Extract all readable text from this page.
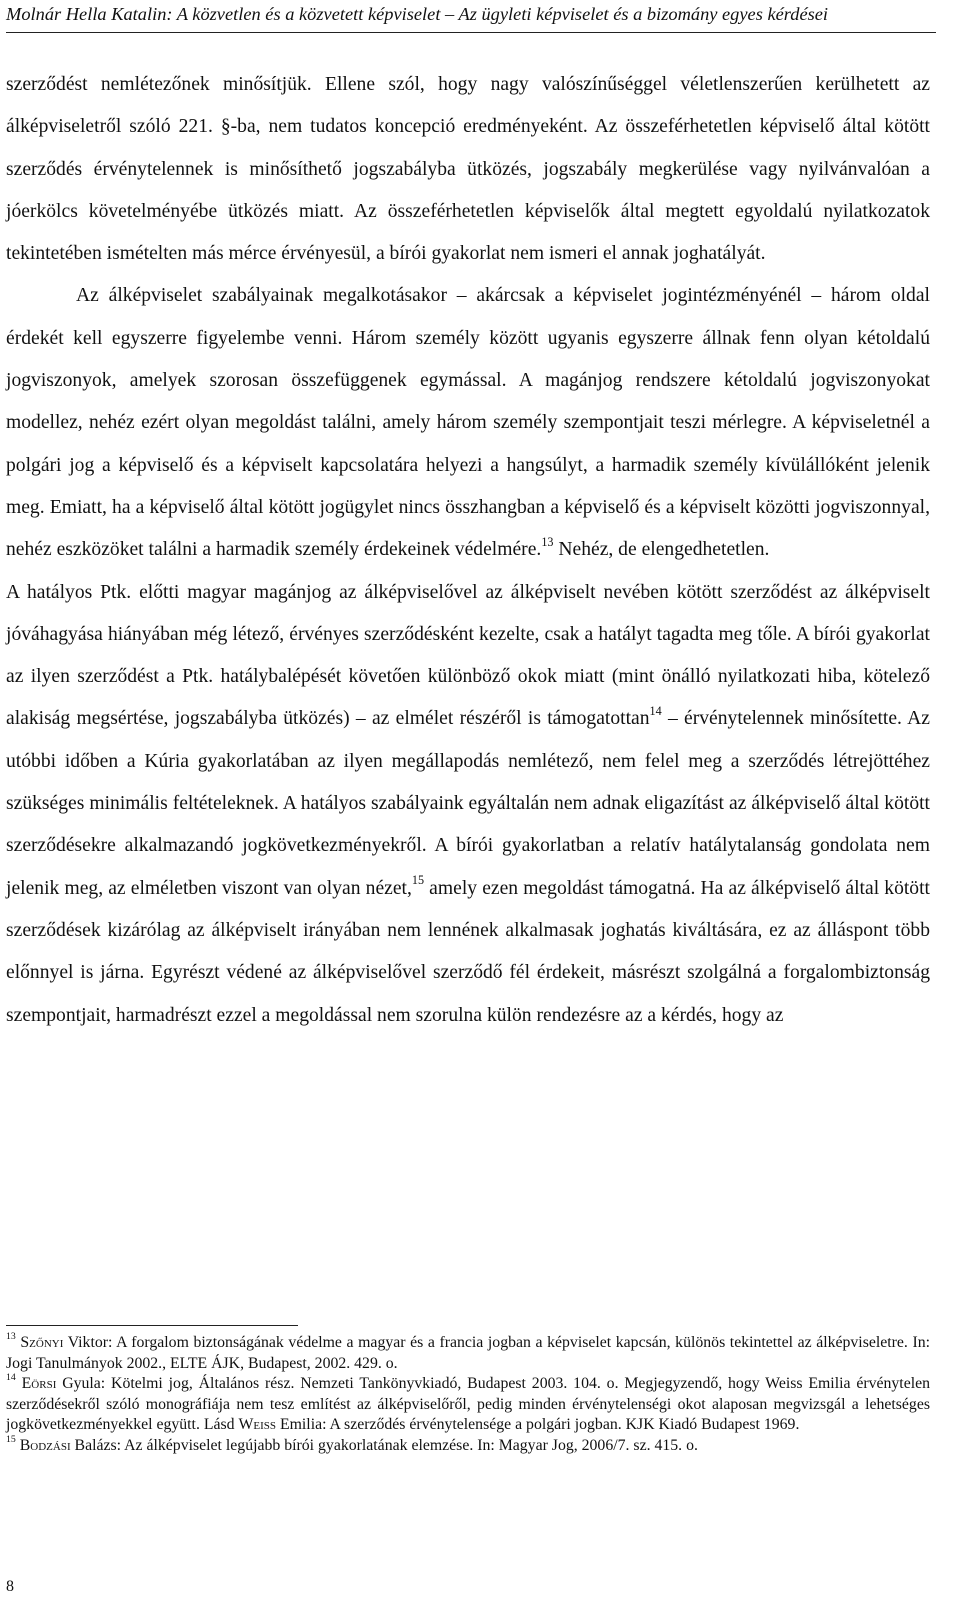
Molnár Hella Katalin: A közvetlen és a közvetett képviselet – Az ügyleti képviselet és a bizomány egyes kérdései

szerződést nemlétezőnek minősítjük. Ellene szól, hogy nagy valószínűséggel véletlenszerűen kerülhetett az álképviseletről szóló 221. §-ba, nem tudatos koncepció eredményeként. Az összeférhetetlen képviselő által kötött szerződés érvénytelennek is minősíthető jogszabályba ütközés, jogszabály megkerülése vagy nyilvánvalóan a jóerkölcs követelményébe ütközés miatt. Az összeférhetetlen képviselők által megtett egyoldalú nyilatkozatok tekintetében ismételten más mérce érvényesül, a bírói gyakorlat nem ismeri el annak joghatályát.

Az álképviselet szabályainak megalkotásakor – akárcsak a képviselet jogintézményénél – három oldal érdekét kell egyszerre figyelembe venni. Három személy között ugyanis egyszerre állnak fenn olyan kétoldalú jogviszonyok, amelyek szorosan összefüggenek egymással. A magánjog rendszere kétoldalú jogviszonyokat modellez, nehéz ezért olyan megoldást találni, amely három személy szempontjait teszi mérlegre. A képviseletnél a polgári jog a képviselő és a képviselt kapcsolatára helyezi a hangsúlyt, a harmadik személy kívülállóként jelenik meg. Emiatt, ha a képviselő által kötött jogügylet nincs összhangban a képviselő és a képviselt közötti jogviszonnyal, nehéz eszközöket találni a harmadik személy érdekeinek védelmére.$^{13}$ Nehéz, de elengedhetetlen.

A hatályos Ptk. előtti magyar magánjog az álképviselővel az álképviselt nevében kötött szerződést az álképviselt jóváhagyása hiányában még létező, érvényes szerződésként kezelte, csak a hatályt tagadta meg tőle. A bírói gyakorlat az ilyen szerződést a Ptk. hatálybalépését követően különböző okok miatt (mint önálló nyilatkozati hiba, kötelező alakiság megsértése, jogszabályba ütközés) – az elmélet részéről is támogatottan$^{14}$ – érvénytelennek minősítette. Az utóbbi időben a Kúria gyakorlatában az ilyen megállapodás nemlétező, nem felel meg a szerződés létrejöttéhez szükséges minimális feltételeknek. A hatályos szabályaink egyáltalán nem adnak eligazítást az álképviselő által kötött szerződésekre alkalmazandó jogkövetkezményekről. A bírói gyakorlatban a relatív hatálytalanság gondolata nem jelenik meg, az elméletben viszont van olyan nézet,$^{15}$ amely ezen megoldást támogatná. Ha az álképviselő által kötött szerződések kizárólag az álképviselt irányában nem lennének alkalmasak joghatás kiváltására, ez az álláspont több előnnyel is járna. Egyrészt védené az álképviselővel szerződő fél érdekeit, másrészt szolgálná a forgalombiztonság szempontjait, harmadrészt ezzel a megoldással nem szorulna külön rendezésre az a kérdés, hogy az

$^{13}$ Szőnyi Viktor: A forgalom biztonságának védelme a magyar és a francia jogban a képviselet kapcsán, különös tekintettel az álképviseletre. In: Jogi Tanulmányok 2002., ELTE ÁJK, Budapest, 2002. 429. o.

$^{14}$ Eörsi Gyula: Kötelmi jog, Általános rész. Nemzeti Tankönyvkiadó, Budapest 2003. 104. o. Megjegyzendő, hogy Weiss Emilia érvénytelen szerződésekről szóló monográfiája nem tesz említést az álképviselőről, pedig minden érvénytelenségi okot alaposan megvizsgál a lehetséges jogkövetkezményekkel együtt. Lásd Weiss Emilia: A szerződés érvénytelensége a polgári jogban. KJK Kiadó Budapest 1969.

$^{15}$ Bodzási Balázs: Az álképviselet legújabb bírói gyakorlatának elemzése. In: Magyar Jog, 2006/7. sz. 415. o.

8
